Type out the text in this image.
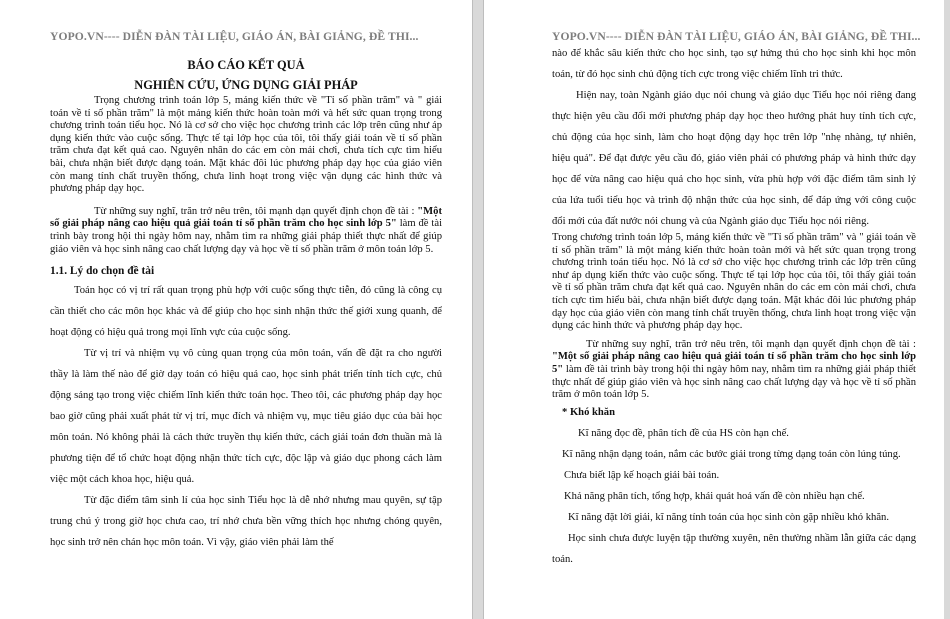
YOPO.VN---- DIỄN ĐÀN TÀI LIỆU, GIÁO ÁN, BÀI GIẢNG, ĐỀ THI...
BÁO CÁO KẾT QUẢ
NGHIÊN CỨU, ỨNG DỤNG GIẢI PHÁP

Trọng chương trình toán lớp 5, mảng kiến thức về "Tỉ số phần trăm" và " giải toán về tỉ số phần trăm" là một mảng kiến thức hoàn toàn mới và hết sức quan trọng trong chương trình toán tiểu học. Nó là cơ sở cho việc học chương trình các lớp trên cũng như áp dụng kiến thức vào cuộc sống. Thực tế tại lớp học của tôi, tôi thấy giải toán về tỉ số phần trăm chưa đạt kết quả cao. Nguyên nhân do các em còn mải chơi, chưa tích cực tìm hiểu bài, chưa nhận biết được dạng toán. Mặt khác đôi lúc phương pháp dạy học của giáo viên còn mang tính chất truyền thống, chưa linh hoạt trong việc vận dụng các hình thức và phương pháp dạy học.

Từ những suy nghĩ, trăn trở nêu trên, tôi mạnh dạn quyết định chọn đề tài : "Một số giải pháp nâng cao hiệu quả giải toán tỉ số phần trăm cho học sinh lớp 5" làm đề tài trình bày trong hội thi ngày hôm nay, nhằm tìm ra những giải pháp thiết thực nhất để giúp giáo viên và học sinh nâng cao chất lượng dạy và học về tỉ số phần trăm ở môn toán lớp 5.

1.1. Lý do chọn đề tài

Toán học có vị trí rất quan trọng phù hợp với cuộc sống thực tiễn, đó cũng là công cụ cần thiết cho các môn học khác và để giúp cho học sinh nhận thức thế giới xung quanh, để hoạt động có hiệu quả trong mọi lĩnh vực của cuộc sống.

Từ vị trí và nhiệm vụ vô cùng quan trọng của môn toán, vấn đề đặt ra cho người thầy là làm thế nào để giờ dạy toán có hiệu quả cao, học sinh phát triển tính tích cực, chủ động sáng tạo trong việc chiếm lĩnh kiến thức toán học. Theo tôi, các phương pháp dạy học bao giờ cũng phải xuất phát từ vị trí, mục đích và nhiệm vụ, mục tiêu giáo dục của bài học môn toán. Nó không phải là cách thức truyền thụ kiến thức, cách giải toán đơn thuần mà là phương tiện để tổ chức hoạt động nhận thức tích cực, độc lập và giáo dục phong cách làm việc một cách khoa học, hiệu quả.

Từ đặc điểm tâm sinh lí của học sinh Tiểu học là dễ nhớ nhưng mau quyên, sự tập trung chú ý trong giờ học chưa cao, trí nhớ chưa bền vững thích học nhưng chóng quyên, học sinh trở nên chán học môn toán. Vì vậy, giáo viên phải làm thế

YOPO.VN---- DIỄN ĐÀN TÀI LIỆU, GIÁO ÁN, BÀI GIẢNG, ĐỀ THI...

nào để khắc sâu kiến thức cho học sinh, tạo sự hứng thú cho học sinh khi học môn toán, từ đó học sinh chủ động tích cực trong việc chiếm lĩnh tri thức.

Hiện nay, toàn Ngành giáo dục nói chung và giáo dục Tiểu học nói riêng đang thực hiện yêu cầu đổi mới phương pháp dạy học theo hướng phát huy tính tích cực, chủ động của học sinh, làm cho hoạt động dạy học trên lớp "nhẹ nhàng, tự nhiên, hiệu quả". Để đạt được yêu cầu đó, giáo viên phải có phương pháp và hình thức dạy học để vừa nâng cao hiệu quả cho học sinh, vừa phù hợp với đặc điểm tâm sinh lý của lứa tuổi tiểu học và trình độ nhận thức của học sinh, để đáp ứng với công cuộc đổi mới của đất nước nói chung và của Ngành giáo dục Tiểu học nói riêng.

Trong chương trình toán lớp 5, mảng kiến thức về "Tỉ số phần trăm" và " giải toán về tỉ số phần trăm" là một mảng kiến thức hoàn toàn mới và hết sức quan trọng trong chương trình toán tiểu học. Nó là cơ sở cho việc học chương trình các lớp trên cũng như áp dụng kiến thức vào cuộc sống. Thực tế tại lớp học của tôi, tôi thấy giải toán về tỉ số phần trăm chưa đạt kết quả cao. Nguyên nhân do các em còn mải chơi, chưa tích cực tìm hiểu bài, chưa nhận biết được dạng toán. Mặt khác đôi lúc phương pháp dạy học của giáo viên còn mang tính chất truyền thống, chưa linh hoạt trong việc vận dụng các hình thức và phương pháp dạy học.

Từ những suy nghĩ, trăn trở nêu trên, tôi mạnh dạn quyết định chọn đề tài : "Một số giải pháp nâng cao hiệu quả giải toán tỉ số phần trăm cho học sinh lớp 5" làm đề tài trình bày trong hội thi ngày hôm nay, nhằm tìm ra những giải pháp thiết thực nhất để giúp giáo viên và học sinh nâng cao chất lượng dạy và học về tỉ số phần trăm ở môn toán lớp 5.

* Khó khăn

Kĩ năng đọc đề, phân tích đề của HS còn hạn chế.

Kĩ năng nhận dạng toán, nắm các bước giải trong từng dạng toán còn lúng túng.

Chưa biết lập kế hoạch giải bài toán.

Khả năng phân tích, tổng hợp, khái quát hoá vấn đề còn nhiều hạn chế.

Kĩ năng đặt lời giải, kĩ năng tính toán của học sinh còn gặp nhiều khó khăn.

Học sinh chưa được luyện tập thường xuyên, nên thường nhầm lẫn giữa các dạng toán.
